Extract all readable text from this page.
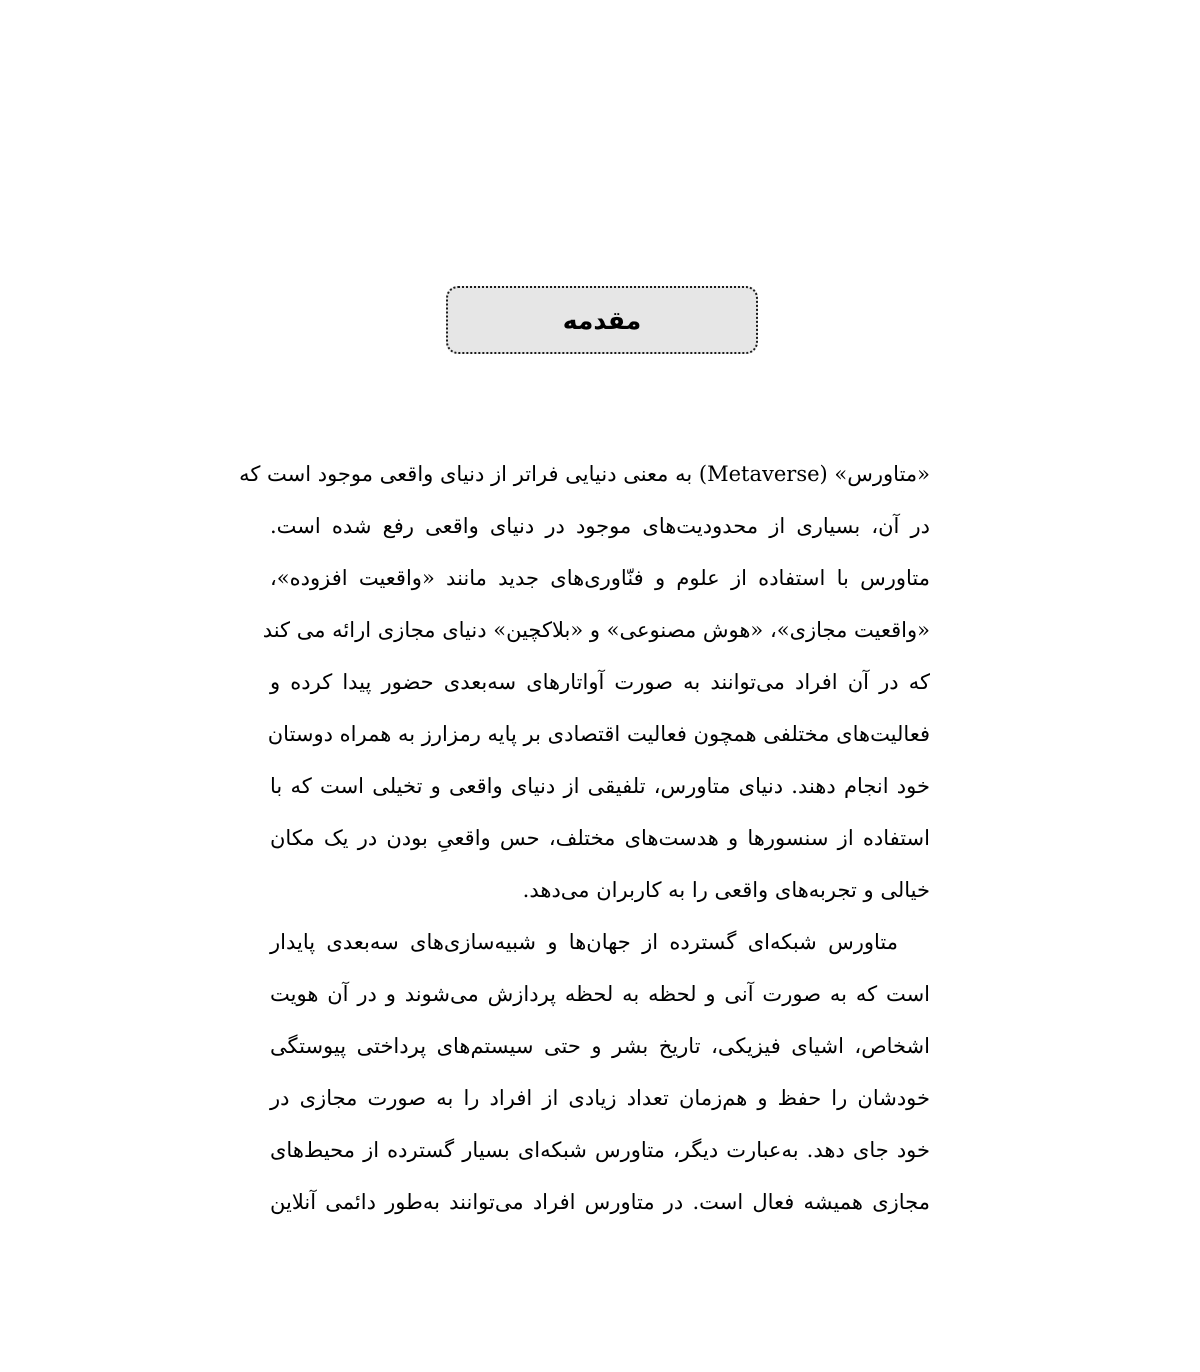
مقدمه
«متاورس» (Metaverse) به معنی دنیایی فراتر از دنیای واقعی موجود است که
در آن، بسیاری از محدودیت‌های موجود در دنیای واقعی رفع شده است.
متاورس با استفاده از علوم و فنّاوری‌های جدید مانند «واقعیت افزوده»،
«واقعیت مجازی»، «هوش مصنوعی» و «بلاکچین» دنیای مجازی ارائه می کند
که در آن افراد می‌توانند به صورت آواتارهای سه‌بعدی حضور پیدا کرده و
فعالیت‌های مختلفی همچون فعالیت اقتصادی بر پایه رمزارز به همراه دوستان
خود انجام دهند. دنیای متاورس، تلفیقی از دنیای واقعی و تخیلی است که با
استفاده از سنسورها و هدست‌های مختلف، حس واقعیِ بودن در یک مکان
خیالی و تجربه‌های واقعی را به کاربران می‌دهد.
متاورس شبکه‌ای گسترده از جهان‌ها و شبیه‌سازی‌های سه‌بعدی پایدار
است که به صورت آنی و لحظه به لحظه پردازش می‌شوند و در آن هویت
اشخاص، اشیای فیزیکی، تاریخ بشر و حتی سیستم‌های پرداختی پیوستگی
خودشان را حفظ و هم‌زمان تعداد زیادی از افراد را به صورت مجازی در
خود جای دهد. به‌عبارت دیگر، متاورس شبکه‌ای بسیار گسترده از محیط‌های
مجازی همیشه فعال است. در متاورس افراد می‌توانند به‌طور دائمی آنلاین
